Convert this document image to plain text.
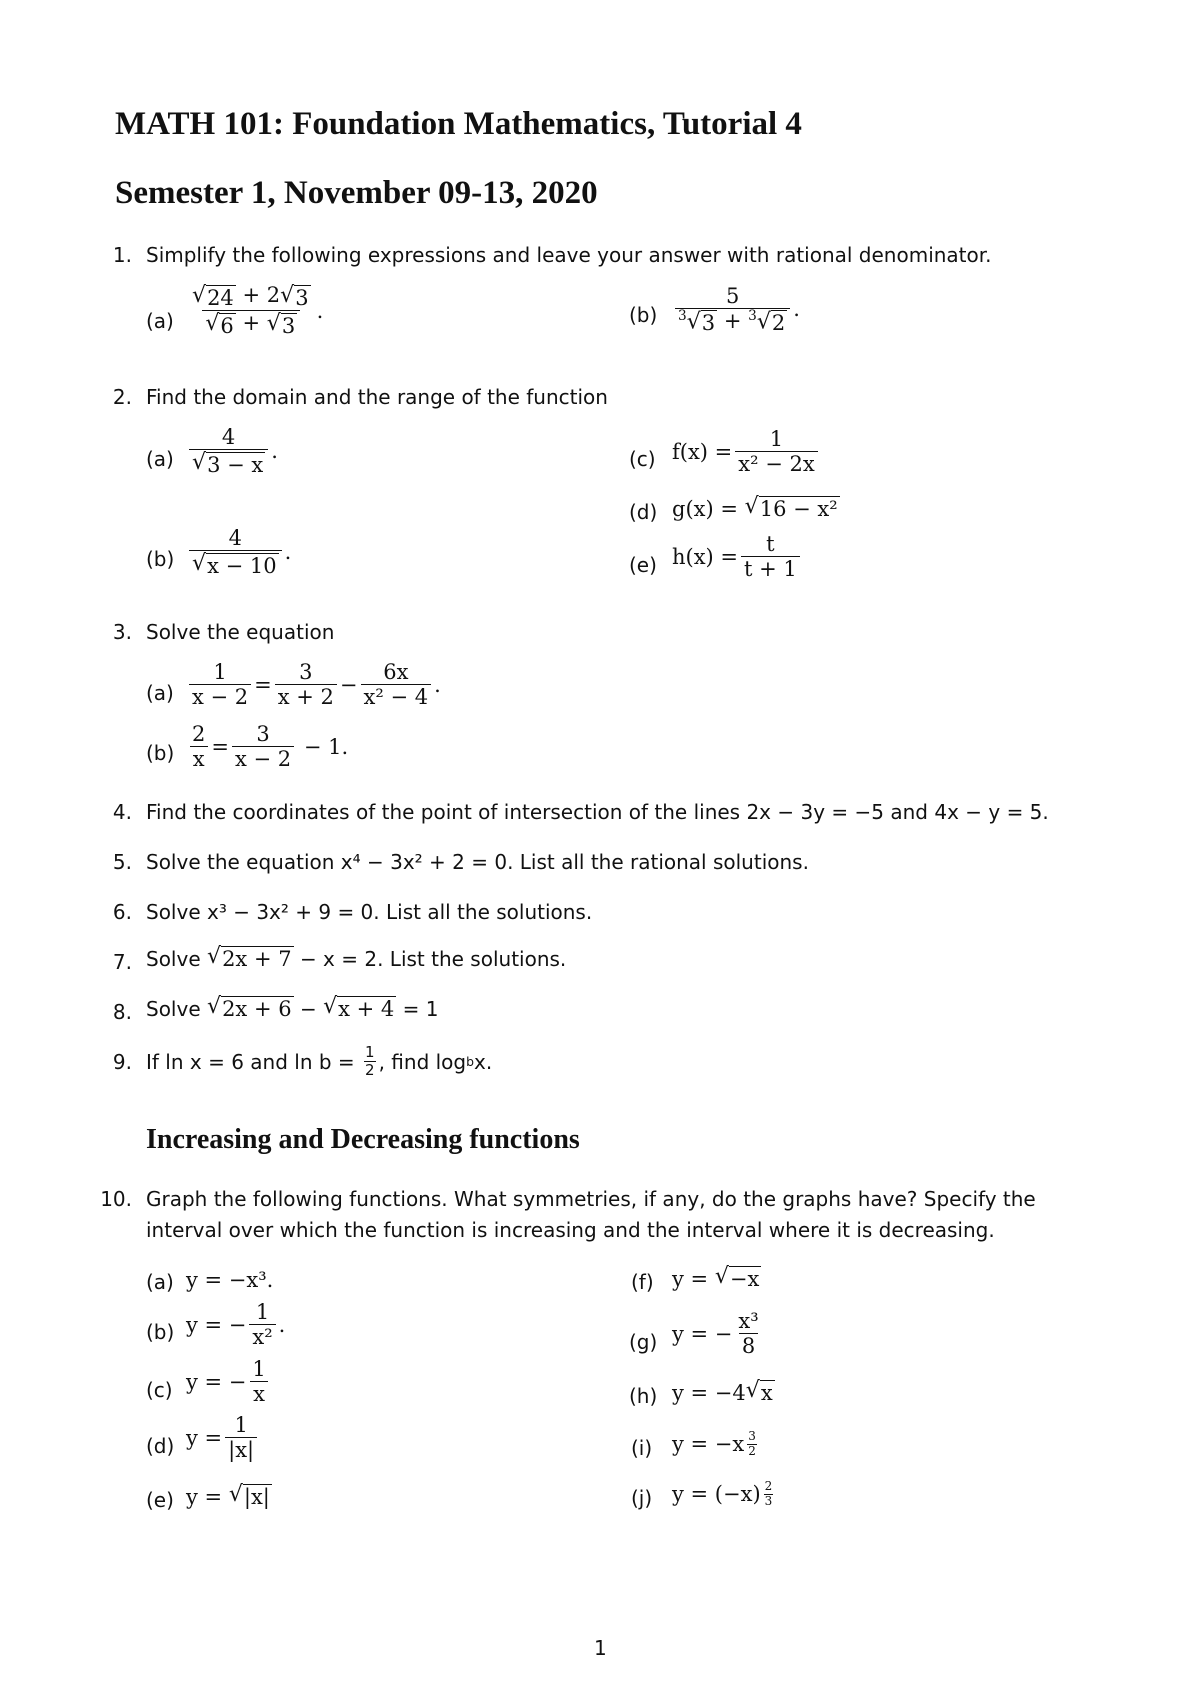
MATH 101: Foundation Mathematics, Tutorial 4
Semester 1, November 09-13, 2020
1. Simplify the following expressions and leave your answer with rational denominator.
$(a) \frac{√ 24 + 2 √ 3}{√ 6 + √ 3}$ .	$(b) \frac{5}{^3√ 3 + ^3√ 2}$ .
2. Find the domain and the range of the function
$(a) \frac{4}{√ 3 - x}$ .
$(b) \frac{4}{√ x - 10}$ .
(c) $f(x) = \frac{1}{\text{x² − 2x}}$
(d) g(x) =
√ 16 − x²
(e) $h(x) = \frac{t}{t + 1}$
3. Solve the equation
$(a) \frac{1}{x - 2} = \frac{3}{x + 2} - \frac{6x}{\text{x² − 4}}$ .
$(b) \frac{2}{x} = \frac{3}{x - 2}$
− 1.
4. Find the coordinates of the point of intersection of the lines 2x − 3y = −5 and 4x − y = 5.
5. Solve the equation x⁴ − 3x² + 2 = 0. List all the rational solutions.
6. Solve x³ − 3x² + 9 = 0. List all the solutions.
7. Solve
√ 2x + 7
− x = 2. List the solutions.
8. Solve
√ 2x + 6
−
√ x + 4
= 1
9. If ln x = 6 and ln b =
$\frac{1}{2}$ , find log b x.
Increasing and Decreasing functions
10. Graph the following functions. What symmetries, if any, do the graphs have? Specify the
interval over which the function is increasing and the interval where it is decreasing.
(a) y = −x³.
(b) y = − $\frac{1}{\text{x²}}$ .
(c) y = − $\frac{1}{x}$
(d) $y = \frac{1}{|x|}$
(e) y =
√ |x|
(f) y =
√ −x
(g) y = − $\frac{\text{x³}}{8}$
(h) y = −4 √ x
(i) $y = -x \frac{3}{2}$
(j) $y = (-x) \frac{2}{3}$
1
